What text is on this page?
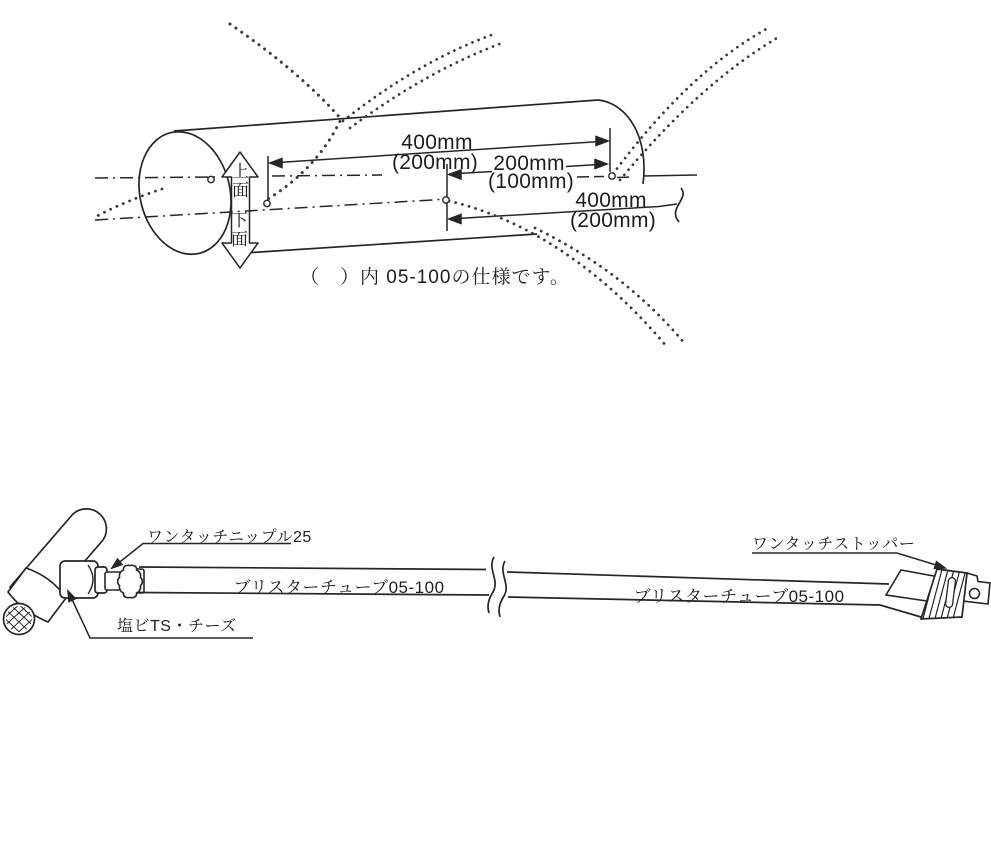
400mm
(200mm) 200mm
(100mm)
400mm
(200mm)
上面
下面
（　）内 05-100の仕様です。
ワンタッチニップル25
塩ビTS・チーズ
ブリスターチューブ05-100	ブリスターチューブ05-100
ワンタッチストッパー
